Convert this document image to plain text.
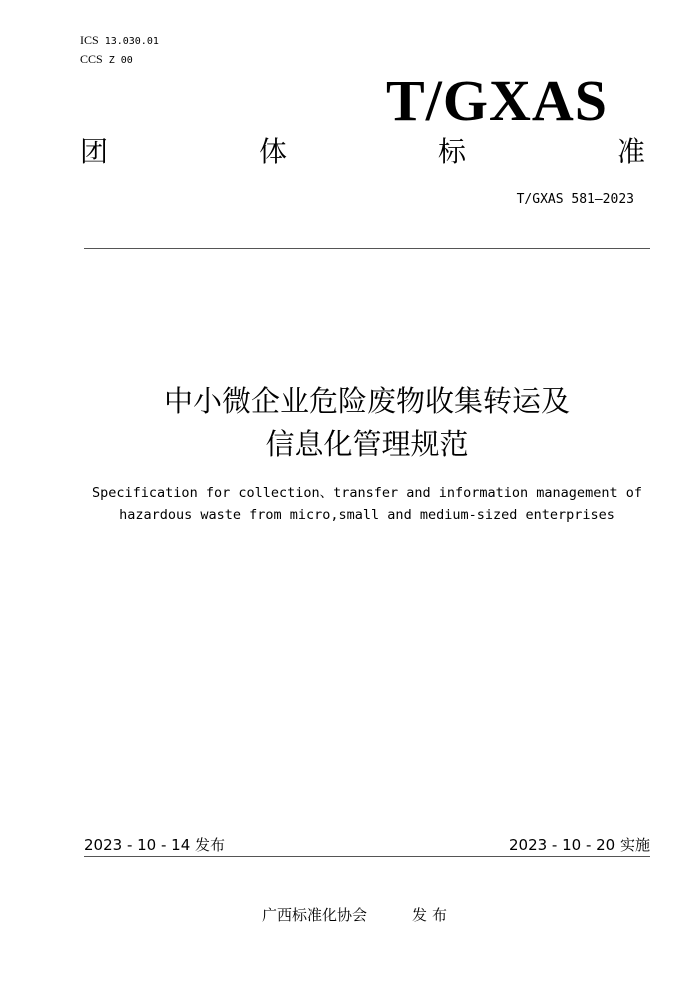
ICS 13.030.01
CCS Z 00
T/GXAS
团	体	标	准
T/GXAS 581—2023
中小微企业危险废物收集转运及
信息化管理规范
Specification for collection、transfer and information management of
hazardous waste from micro,small and medium-sized enterprises
2023 - 10 - 14 发布	2023 - 10 - 20 实施
广西标准化协会	发布
